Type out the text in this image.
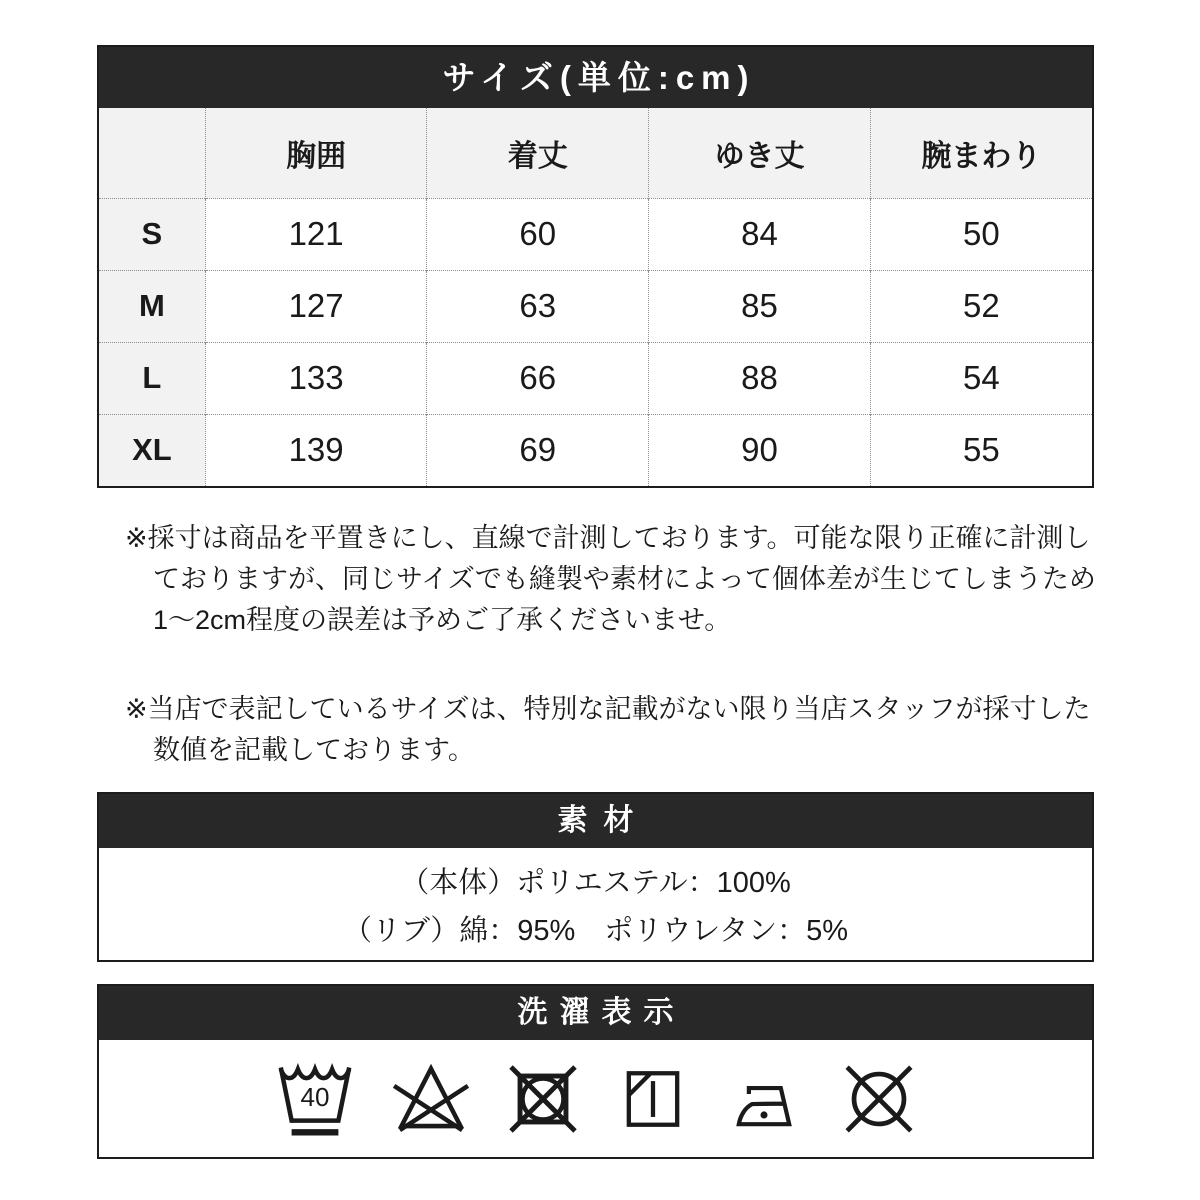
サイズ(単位:cm)
	胸囲	着丈	ゆき丈	腕まわり
S	121	60	84	50
M	127	63	85	52
L	133	66	88	54
XL	139	69	90	55
※採寸は商品を平置きにし、直線で計測しております。可能な限り正確に計測し
ておりますが、同じサイズでも縫製や素材によって個体差が生じてしまうため
1～2cm程度の誤差は予めご了承くださいませ。
※当店で表記しているサイズは、特別な記載がない限り当店スタッフが採寸した
数値を記載しております。
素材
（本体）ポリエステル：100%
（リブ）綿：95%　ポリウレタン：5%
洗濯表示
40
